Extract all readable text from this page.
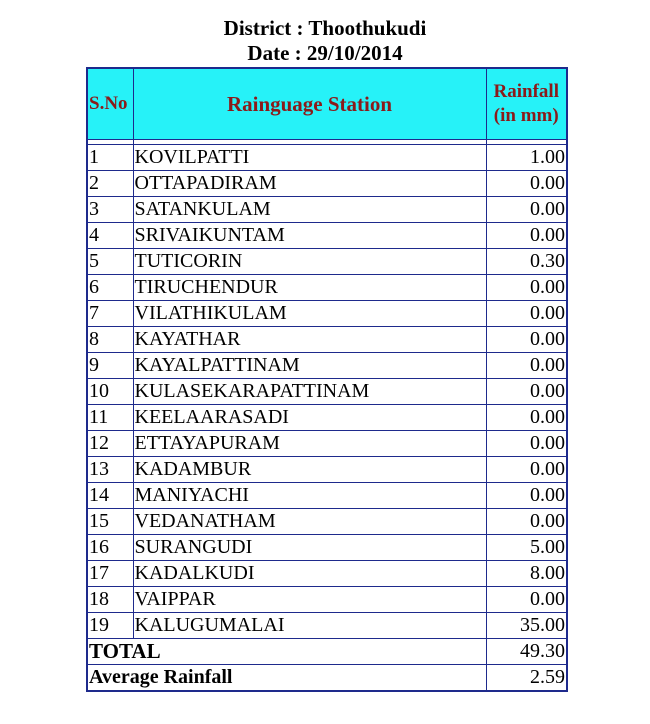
District : Thoothukudi
Date : 29/10/2014
S.No	Rainguage Station	Rainfall
(in mm)

1	KOVILPATTI	1.00
2	OTTAPADIRAM	0.00
3	SATANKULAM	0.00
4	SRIVAIKUNTAM	0.00
5	TUTICORIN	0.30
6	TIRUCHENDUR	0.00
7	VILATHIKULAM	0.00
8	KAYATHAR	0.00
9	KAYALPATTINAM	0.00
10	KULASEKARAPATTINAM	0.00
11	KEELAARASADI	0.00
12	ETTAYAPURAM	0.00
13	KADAMBUR	0.00
14	MANIYACHI	0.00
15	VEDANATHAM	0.00
16	SURANGUDI	5.00
17	KADALKUDI	8.00
18	VAIPPAR	0.00
19	KALUGUMALAI	35.00
TOTAL		49.30
Average Rainfall		2.59
